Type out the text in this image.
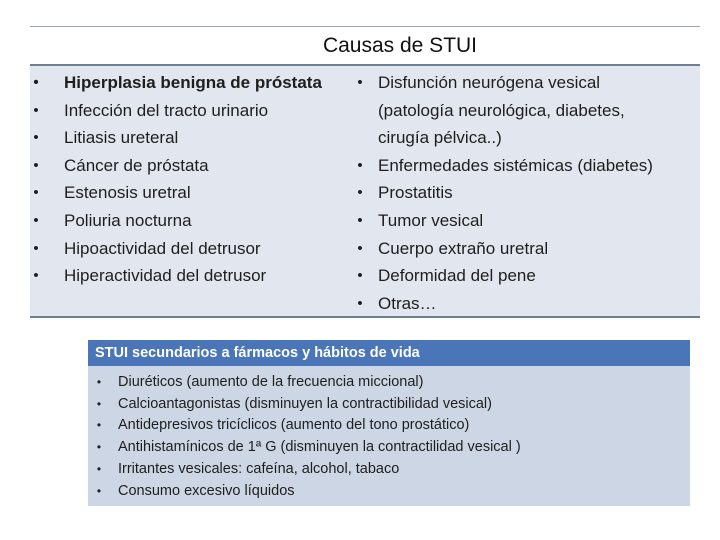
Causas de STUI
•	Hiperplasia benigna de próstata
•	Infección del tracto urinario
•	Litiasis ureteral
•	Cáncer de próstata
•	Estenosis uretral
•	Poliuria nocturna
•	Hipoactividad del detrusor
•	Hiperactividad del detrusor
• Disfunción neurógena vesical
(patología neurológica, diabetes,
cirugía pélvica..)
• Enfermedades sistémicas (diabetes)
• Prostatitis
• Tumor vesical
• Cuerpo extraño uretral
• Deformidad del pene
• Otras…
STUI secundarios a fármacos y hábitos de vida
•	Diuréticos (aumento de la frecuencia miccional)
•	Calcioantagonistas (disminuyen la contractibilidad vesical)
•	Antidepresivos tricíclicos (aumento del tono prostático)
•	Antihistamínicos de 1ª G (disminuyen la contractilidad vesical )
•	Irritantes vesicales: cafeína, alcohol, tabaco
•	Consumo excesivo líquidos
